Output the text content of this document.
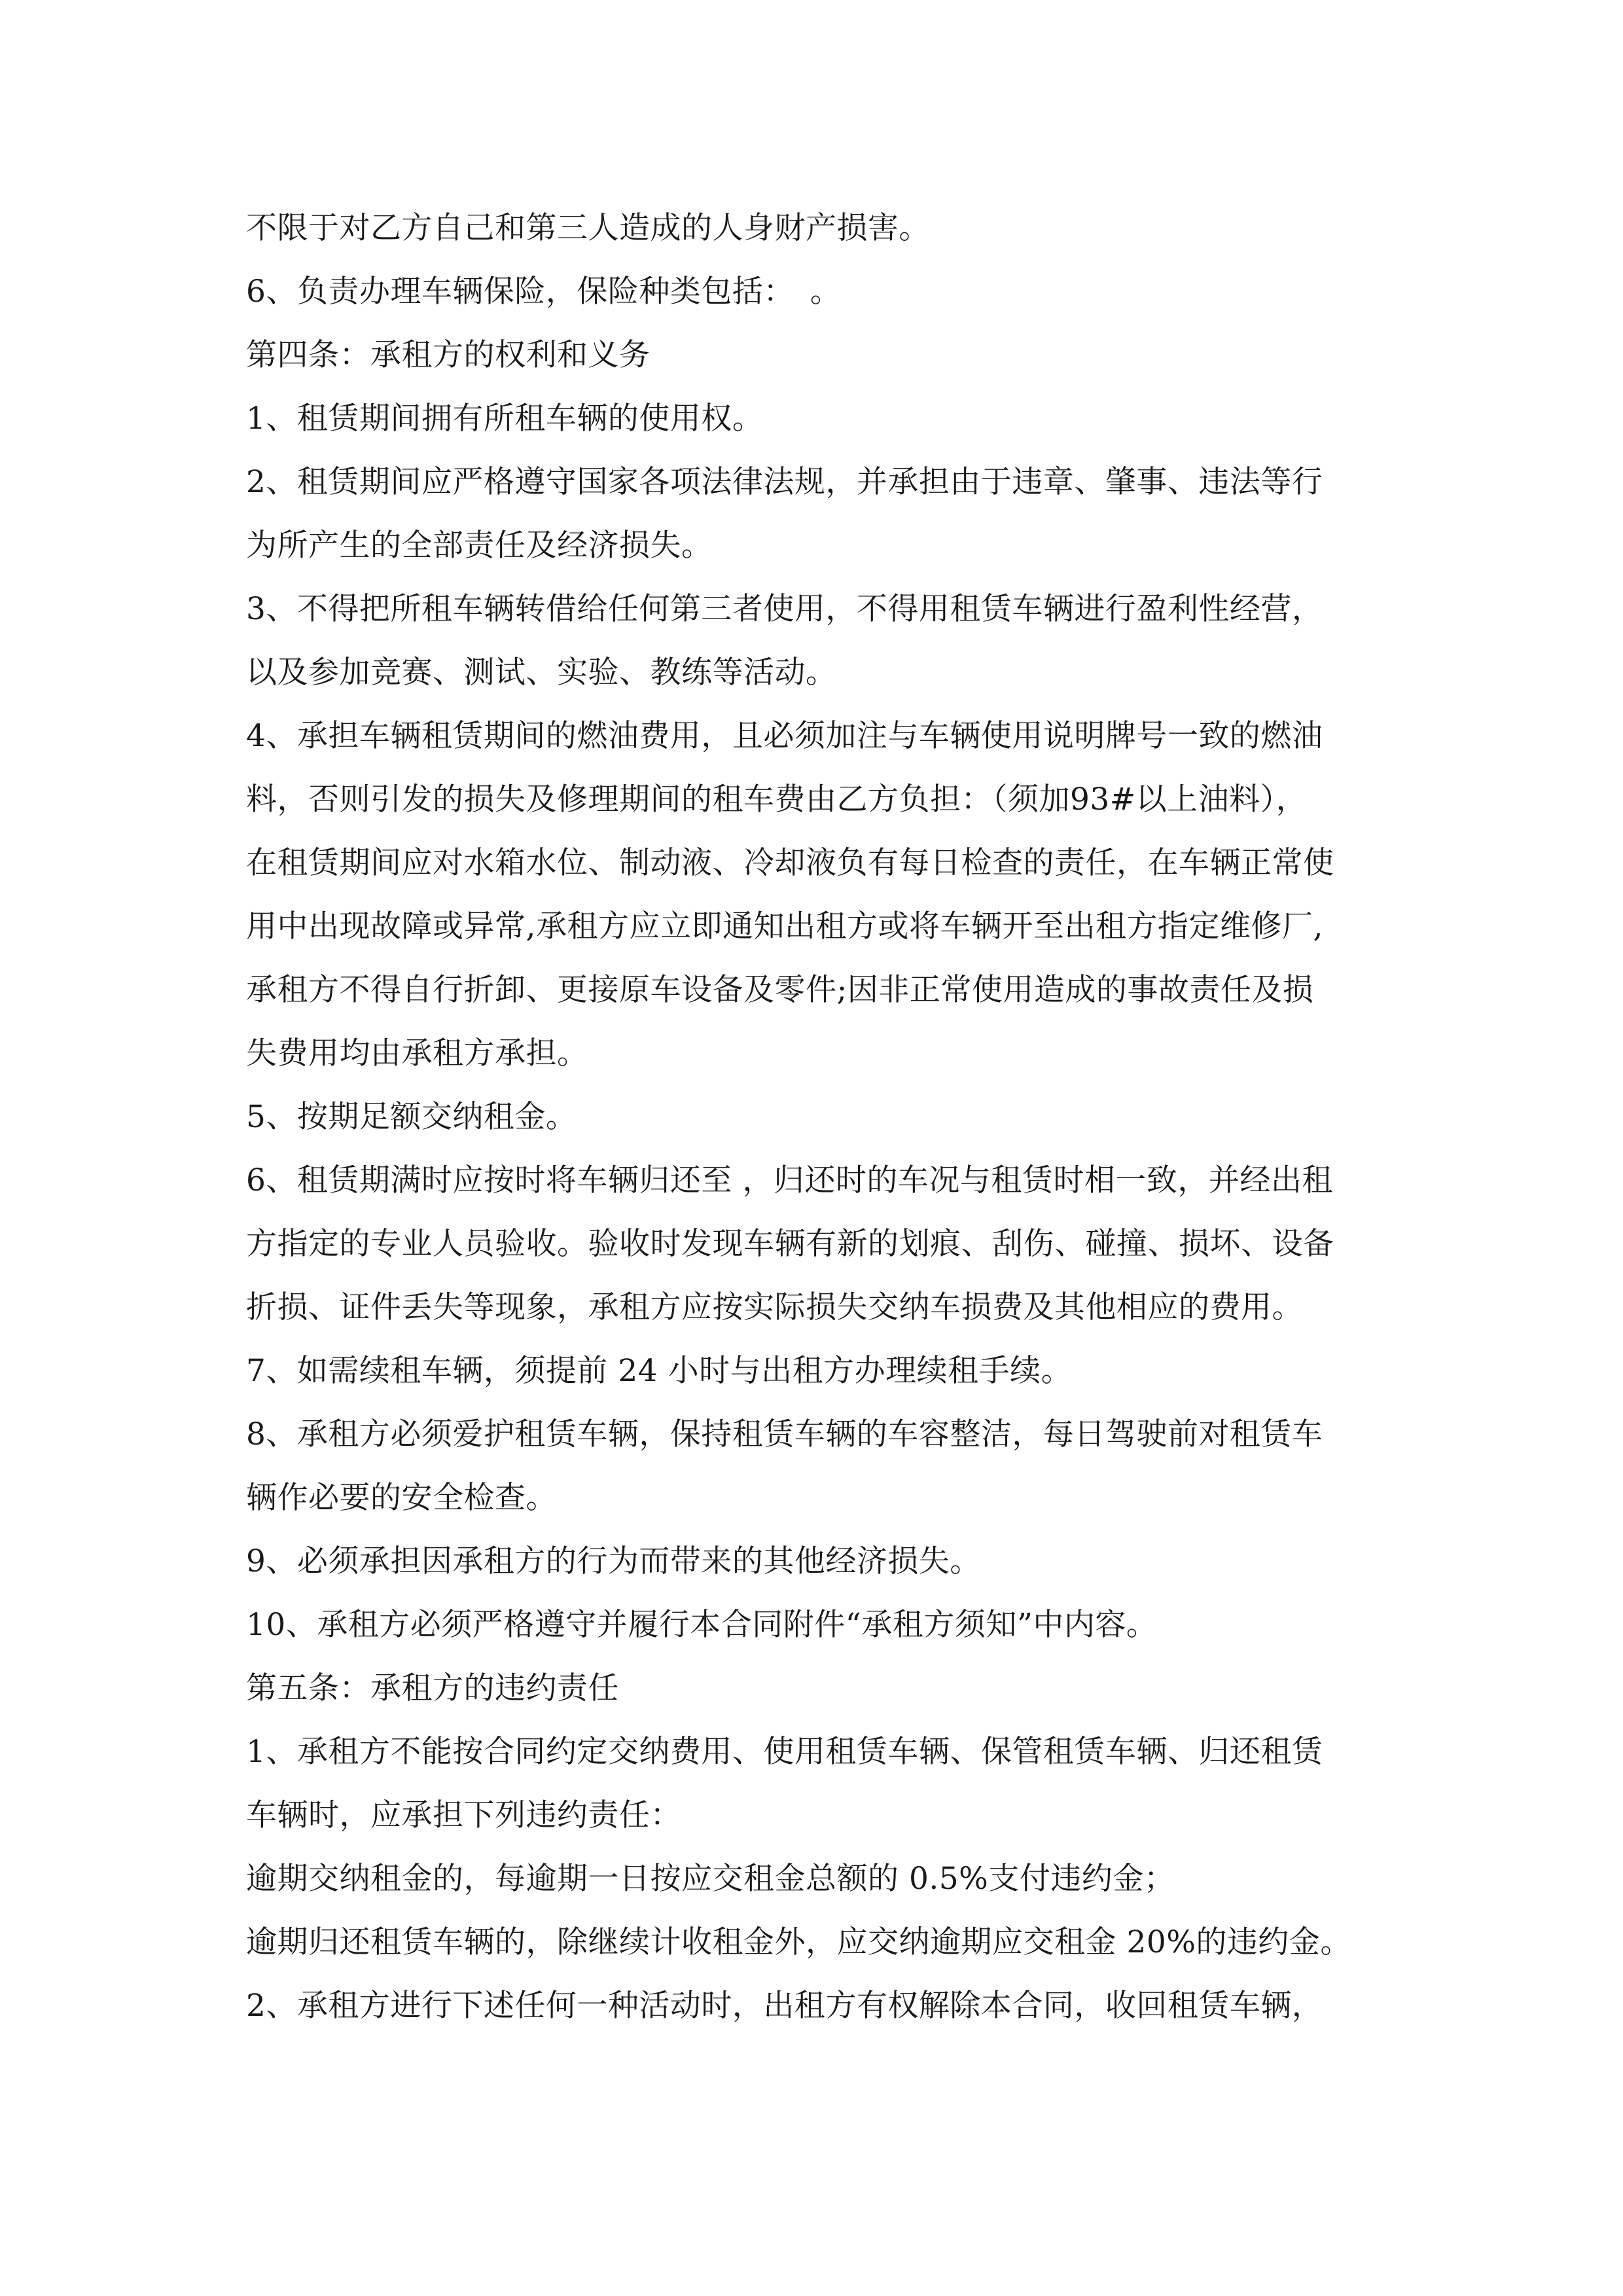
不限于对乙方自己和第三人造成的人身财产损害。
6、负责办理车辆保险，保险种类包括：　。
第四条：承租方的权利和义务
1、租赁期间拥有所租车辆的使用权。
2、租赁期间应严格遵守国家各项法律法规，并承担由于违章、肇事、违法等行
为所产生的全部责任及经济损失。
3、不得把所租车辆转借给任何第三者使用，不得用租赁车辆进行盈利性经营，
以及参加竞赛、测试、实验、教练等活动。
4、承担车辆租赁期间的燃油费用，且必须加注与车辆使用说明牌号一致的燃油
料，否则引发的损失及修理期间的租车费由乙方负担：（须加93#以上油料），
在租赁期间应对水箱水位、制动液、冷却液负有每日检查的责任，在车辆正常使
用中出现故障或异常,承租方应立即通知出租方或将车辆开至出租方指定维修厂,
承租方不得自行折卸、更接原车设备及零件;因非正常使用造成的事故责任及损
失费用均由承租方承担。
5、按期足额交纳租金。
6、租赁期满时应按时将车辆归还至 ，归还时的车况与租赁时相一致，并经出租
方指定的专业人员验收。验收时发现车辆有新的划痕、刮伤、碰撞、损坏、设备
折损、证件丢失等现象，承租方应按实际损失交纳车损费及其他相应的费用。
7、如需续租车辆，须提前 24 小时与出租方办理续租手续。
8、承租方必须爱护租赁车辆，保持租赁车辆的车容整洁，每日驾驶前对租赁车
辆作必要的安全检查。
9、必须承担因承租方的行为而带来的其他经济损失。
10、承租方必须严格遵守并履行本合同附件“承租方须知”中内容。
第五条：承租方的违约责任
1、承租方不能按合同约定交纳费用、使用租赁车辆、保管租赁车辆、归还租赁
车辆时，应承担下列违约责任：
逾期交纳租金的，每逾期一日按应交租金总额的 0.5%支付违约金；
逾期归还租赁车辆的，除继续计收租金外，应交纳逾期应交租金 20%的违约金。
2、承租方进行下述任何一种活动时，出租方有权解除本合同，收回租赁车辆，
